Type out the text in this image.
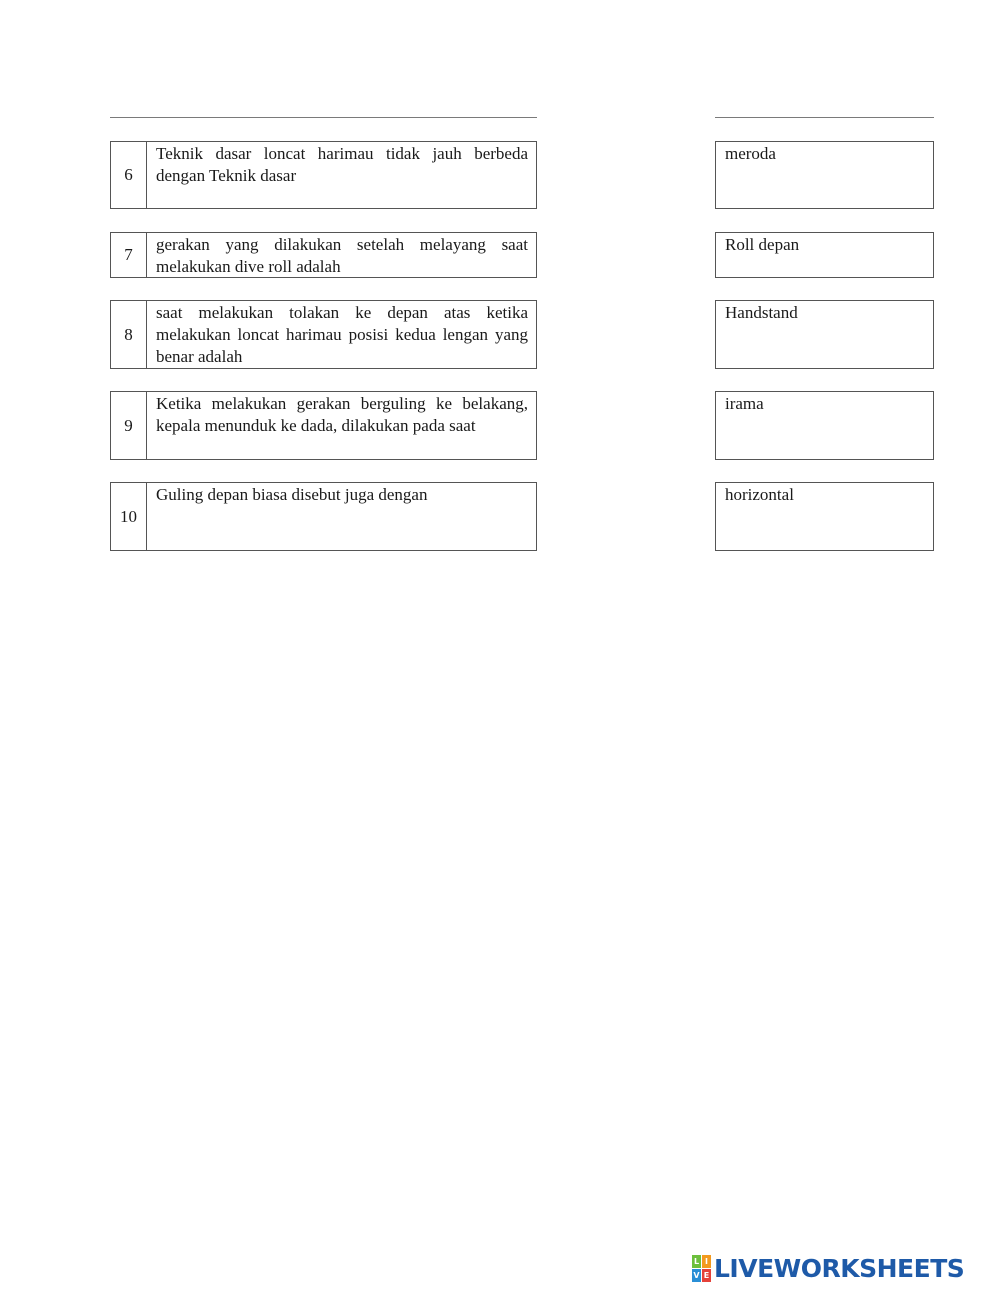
6
Teknik dasar loncat harimau tidak jauh berbeda dengan Teknik dasar
meroda
7
gerakan yang dilakukan setelah melayang saat melakukan dive roll adalah
Roll depan
8
saat melakukan tolakan ke depan atas ketika melakukan loncat harimau posisi kedua lengan yang benar adalah
Handstand
9
Ketika melakukan gerakan berguling ke belakang, kepala menunduk ke dada, dilakukan pada saat
irama
10
Guling depan biasa disebut juga dengan	horizontal
L I
V E LIVEWORKSHEETS
